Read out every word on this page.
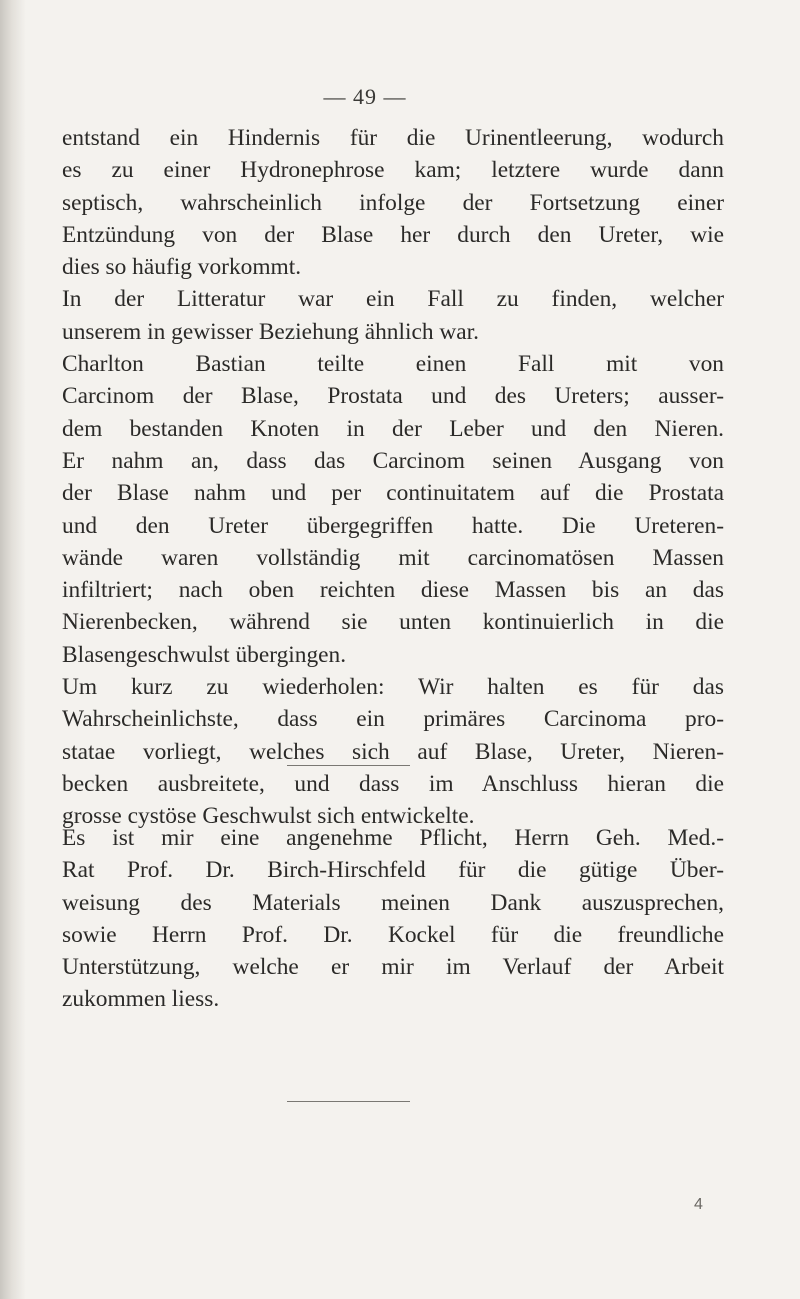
— 49 —
entstand ein Hindernis für die Urinentleerung, wodurch
es zu einer Hydronephrose kam; letztere wurde dann
septisch, wahrscheinlich infolge der Fortsetzung einer
Entzündung von der Blase her durch den Ureter, wie
dies so häufig vorkommt.
In der Litteratur war ein Fall zu finden, welcher
unserem in gewisser Beziehung ähnlich war.
Charlton Bastian teilte einen Fall mit von
Carcinom der Blase, Prostata und des Ureters; ausser-
dem bestanden Knoten in der Leber und den Nieren.
Er nahm an, dass das Carcinom seinen Ausgang von
der Blase nahm und per continuitatem auf die Prostata
und den Ureter übergegriffen hatte. Die Ureteren-
wände waren vollständig mit carcinomatösen Massen
infiltriert; nach oben reichten diese Massen bis an das
Nierenbecken, während sie unten kontinuierlich in die
Blasengeschwulst übergingen.
Um kurz zu wiederholen: Wir halten es für das
Wahrscheinlichste, dass ein primäres Carcinoma pro-
statae vorliegt, welches sich auf Blase, Ureter, Nieren-
becken ausbreitete, und dass im Anschluss hieran die
grosse cystöse Geschwulst sich entwickelte.
Es ist mir eine angenehme Pflicht, Herrn Geh. Med.-
Rat Prof. Dr. Birch-Hirschfeld für die gütige Über-
weisung des Materials meinen Dank auszusprechen,
sowie Herrn Prof. Dr. Kockel für die freundliche
Unterstützung, welche er mir im Verlauf der Arbeit
zukommen liess.
4
